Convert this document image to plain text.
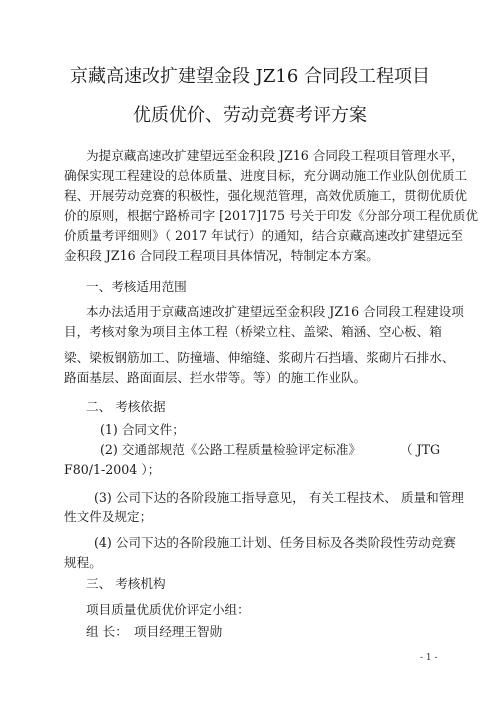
京藏高速改扩建望金段 JZ16 合同段工程项目
优质优价、劳动竞赛考评方案
为提京藏高速改扩建望远至金积段 JZ16 合同段工程项目管理水平，
确保实现工程建设的总体质量、进度目标，充分调动施工作业队创优质工
程、开展劳动竞赛的积极性，强化规范管理，高效优质施工，贯彻优质优
价的原则，根据宁路桥司字 [2017]175 号关于印发《分部分项工程优质优
价质量考评细则》（ 2017 年试行）的通知，结合京藏高速改扩建望远至
金积段 JZ16 合同段工程项目具体情况，特制定本方案。
一、考核适用范围
本办法适用于京藏高速改扩建望远至金积段 JZ16 合同段工程建设项
目，考核对象为项目主体工程（桥梁立柱、盖梁、箱涵、空心板、箱
梁、梁板钢筋加工、防撞墙、伸缩缝、浆砌片石挡墙、浆砌片石排水、
路面基层、路面面层、拦水带等。等）的施工作业队。
二、 考核依据
(1) 合同文件；
(2) 交通部规范《公路工程质量检验评定标准》	（ JTG
F80/1-2004 ）；
(3) 公司下达的各阶段施工指导意见， 有关工程技术、 质量和管理
性文件及规定；
(4) 公司下达的各阶段施工计划、任务目标及各类阶段性劳动竞赛
规程。
三、 考核机构
项目质量优质优价评定小组：
组 长： 项目经理王智勋
- 1 -
